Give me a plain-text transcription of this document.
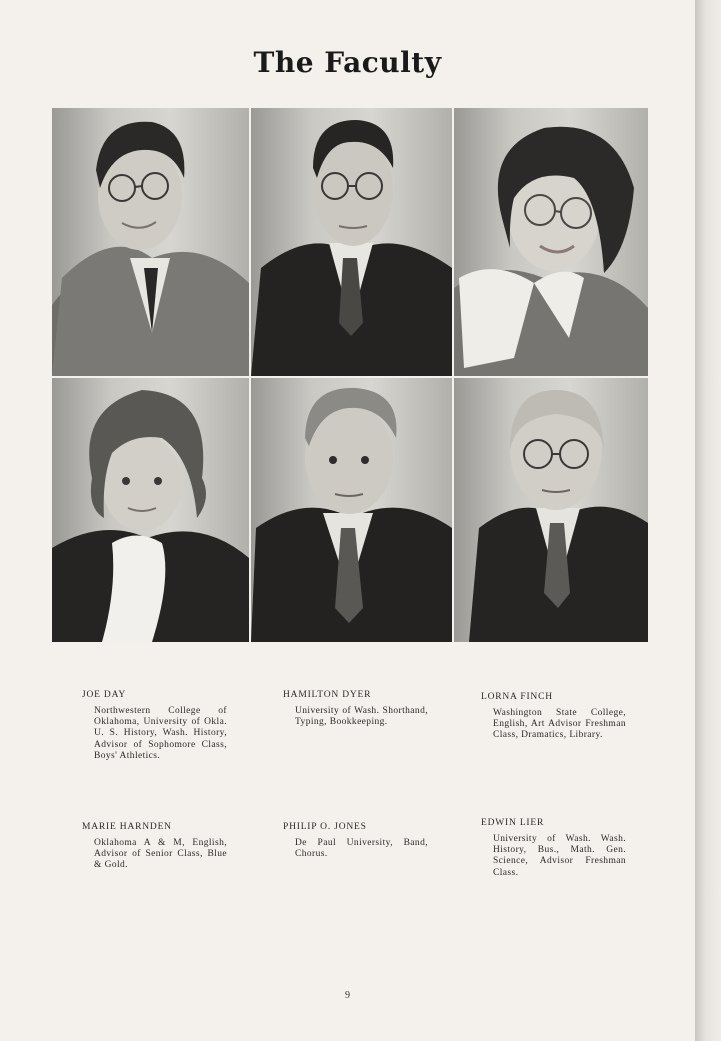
The Faculty
JOE DAY
Northwestern College of Oklahoma, University of Okla. U. S. History, Wash. History, Advisor of Sophomore Class, Boys' Athletics.
HAMILTON DYER
University of Wash. Shorthand, Typing, Bookkeeping.
LORNA FINCH
Washington State College, English, Art Advisor Freshman Class, Dramatics, Library.
MARIE HARNDEN
Oklahoma A & M, English, Advisor of Senior Class, Blue & Gold.
PHILIP O. JONES
De Paul University, Band, Chorus.
EDWIN LIER
University of Wash. Wash. History, Bus., Math. Gen. Science, Advisor Freshman Class.
9
